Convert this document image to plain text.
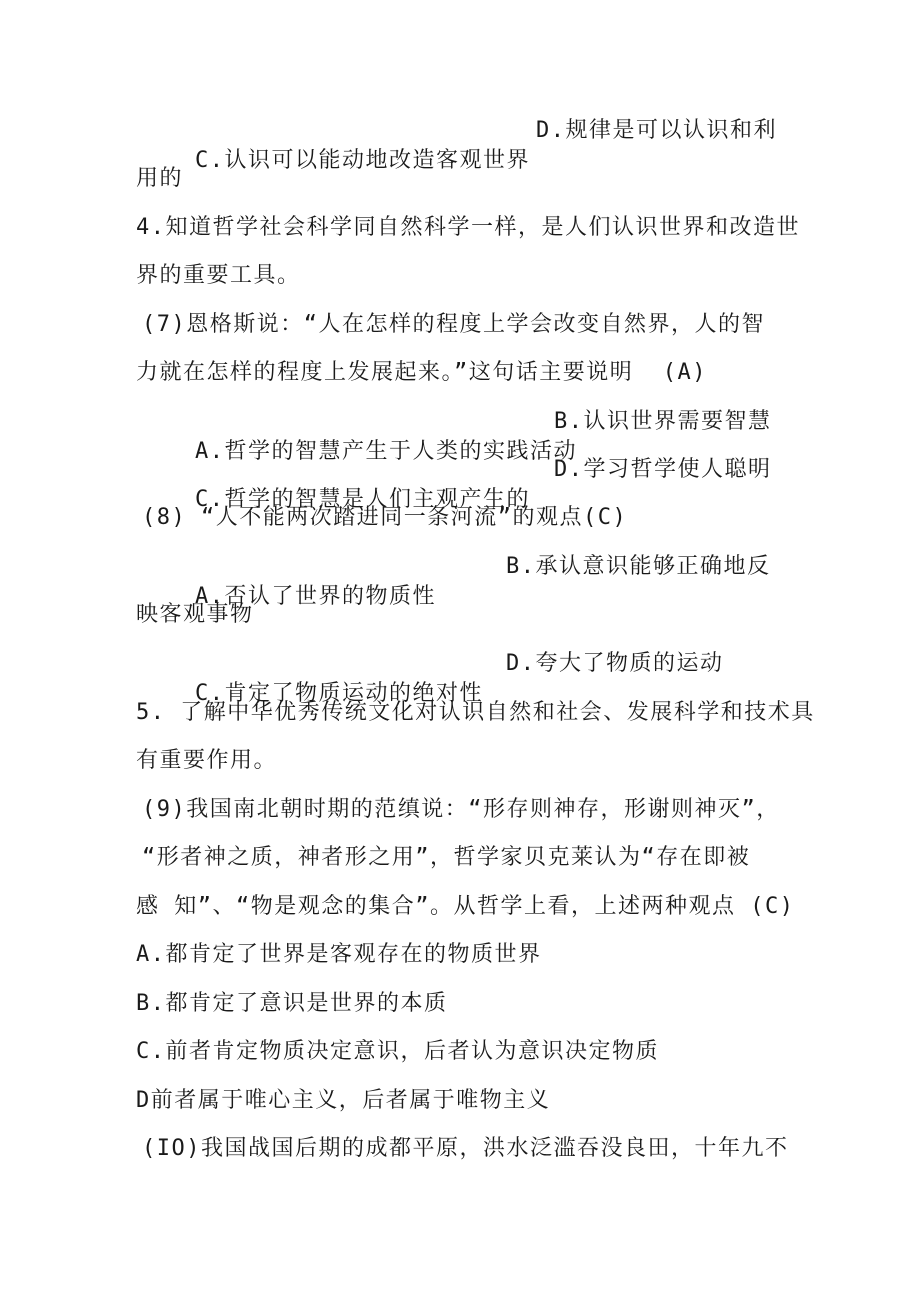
C.认识可以能动地改造客观世界

D.规律是可以认识和利

用的
4.知道哲学社会科学同自然科学一样，是人们认识世界和改造世
界的重要工具。
(7)恩格斯说：“人在怎样的程度上学会改变自然界，人的智
力就在怎样的程度上发展起来。”这句话主要说明  (A)

A.哲学的智慧产生于人类的实践活动

B.认识世界需要智慧

C.哲学的智慧是人们主观产生的

D.学习哲学使人聪明

(8) “人不能两次踏进同一条河流”的观点(C)

A.否认了世界的物质性

B.承认意识能够正确地反

映客观事物

C.肯定了物质运动的绝对性

D.夸大了物质的运动

5. 了解中华优秀传统文化对认识自然和社会、发展科学和技术具
有重要作用。
(9)我国南北朝时期的范缜说：“形存则神存，形谢则神灭”，
“形者神之质，神者形之用”，哲学家贝克莱认为“存在即被
感 知”、“物是观念的集合”。从哲学上看，上述两种观点 (C)
A.都肯定了世界是客观存在的物质世界
B.都肯定了意识是世界的本质
C.前者肯定物质决定意识，后者认为意识决定物质
D前者属于唯心主义，后者属于唯物主义
(IO)我国战国后期的成都平原，洪水泛滥吞没良田，十年九不
